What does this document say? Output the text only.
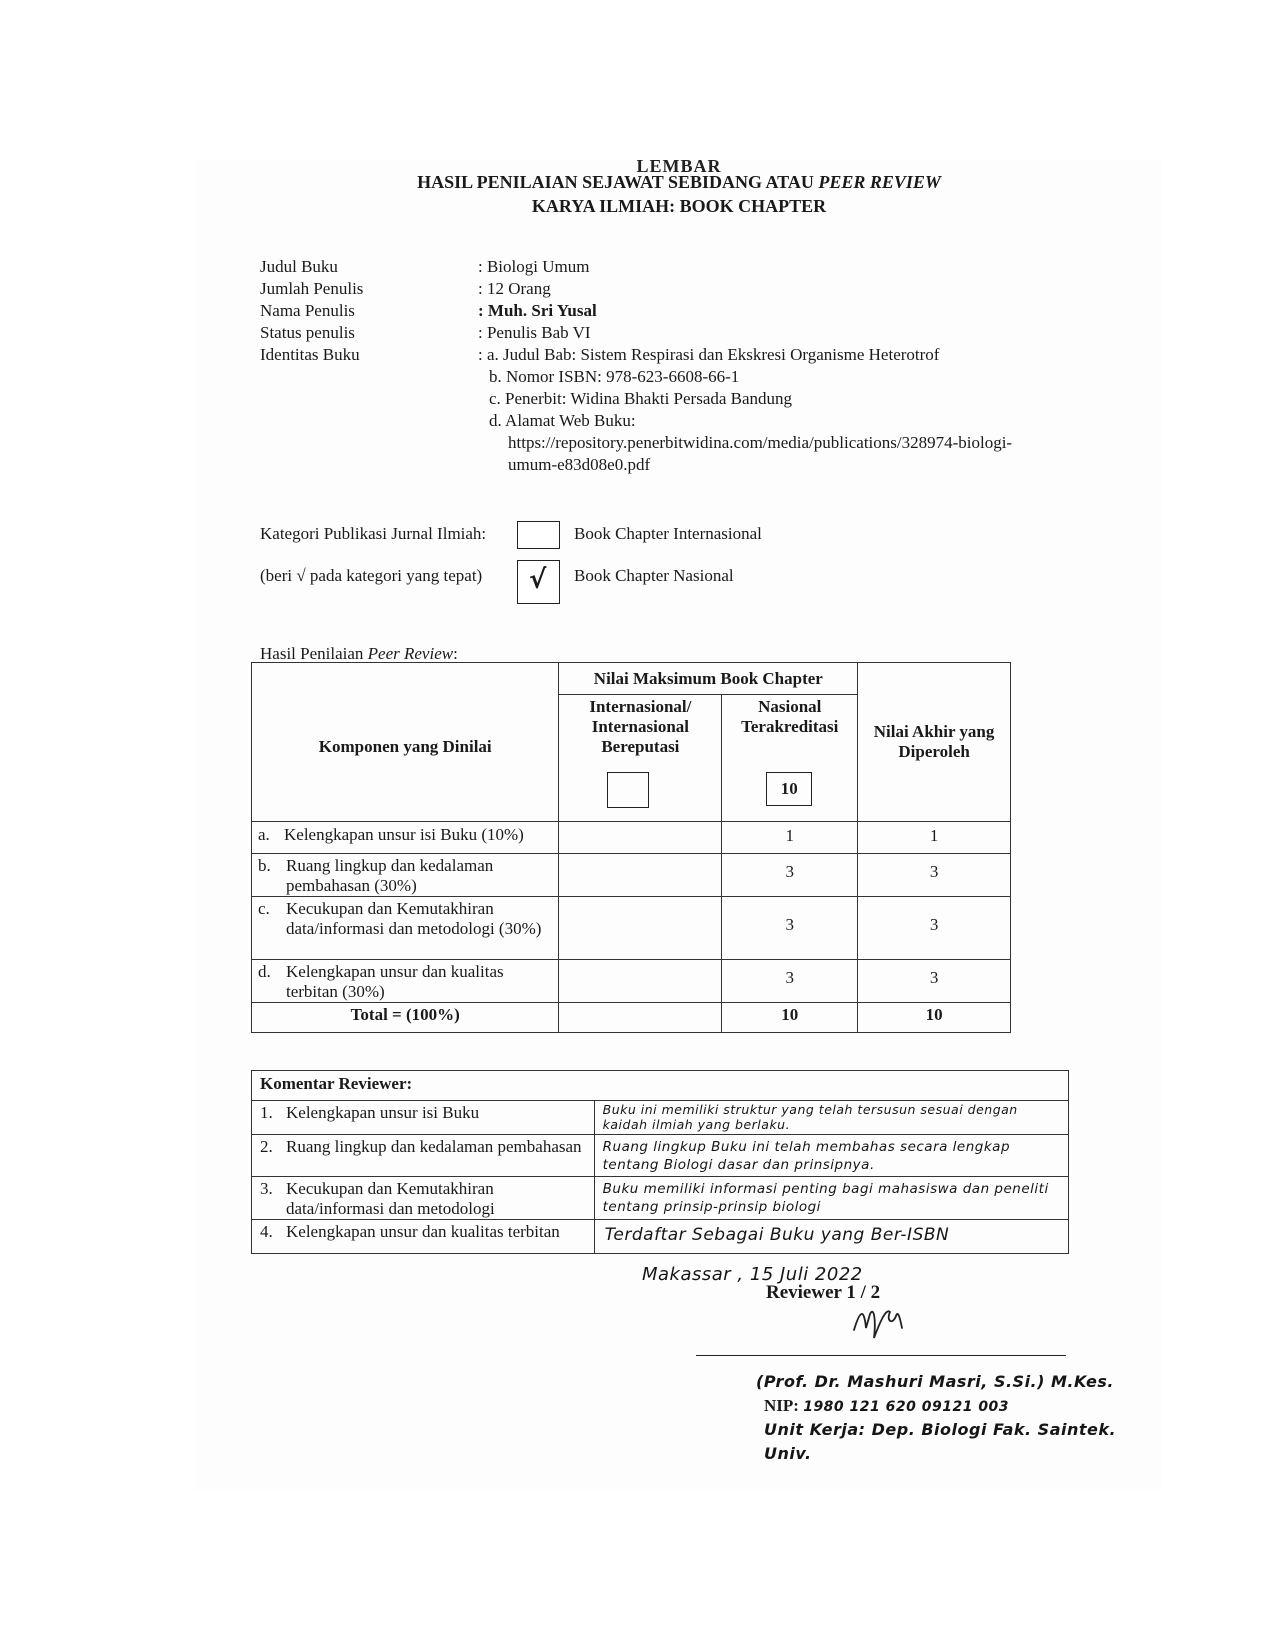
LEMBAR
HASIL PENILAIAN SEJAWAT SEBIDANG ATAU PEER REVIEW
KARYA ILMIAH: BOOK CHAPTER
Judul Buku	: Biologi Umum
Jumlah Penulis	: 12 Orang
Nama Penulis	: Muh. Sri Yusal
Status penulis	: Penulis Bab VI
Identitas Buku	: a. Judul Bab: Sistem Respirasi dan Ekskresi Organisme Heterotrof
b. Nomor ISBN: 978-623-6608-66-1
c. Penerbit: Widina Bhakti Persada Bandung
d. Alamat Web Buku:
https://repository.penerbitwidina.com/media/publications/328974-biologi-
umum-e83d08e0.pdf
Kategori Publikasi Jurnal Ilmiah:
(beri √ pada kategori yang tepat) √
Book Chapter Internasional
Book Chapter Nasional
Hasil Penilaian Peer Review:
Komponen yang Dinilai	Nilai Maksimum Book Chapter		Nilai Akhir yang Diperoleh

	Internasional/ Internasional Bereputasi	Nasional Terakreditasi
10	

a. Kelengkapan unsur isi Buku (10%)		1	1

b. Ruang lingkup dan kedalaman pembahasan (30%)		3	3

c. Kecukupan dan Kemutakhiran data/informasi dan metodologi (30%)		3	3

d. Kelengkapan unsur dan kualitas terbitan (30%)		3	3
Total = (100%)		10	10
Komentar Reviewer:	

1. Kelengkapan unsur isi Buku	Buku ini memiliki struktur yang telah tersusun sesuai dengan kaidah ilmiah yang berlaku.

2. Ruang lingkup dan kedalaman pembahasan	Ruang lingkup Buku ini telah membahas secara lengkap tentang Biologi dasar dan prinsipnya.

3. Kecukupan dan Kemutakhiran data/informasi dan metodologi	Buku memiliki informasi penting bagi mahasiswa dan peneliti tentang prinsip-prinsip biologi

4. Kelengkapan unsur dan kualitas terbitan	Terdaftar Sebagai Buku yang Ber-ISBN
Makassar , 15 Juli 2022
Reviewer 1 / 2
(Prof. Dr. Mashuri Masri, S.Si.) M.Kes.
NIP: 1980 121 620 09121 003
Unit Kerja: Dep. Biologi Fak. Saintek. Univ.
